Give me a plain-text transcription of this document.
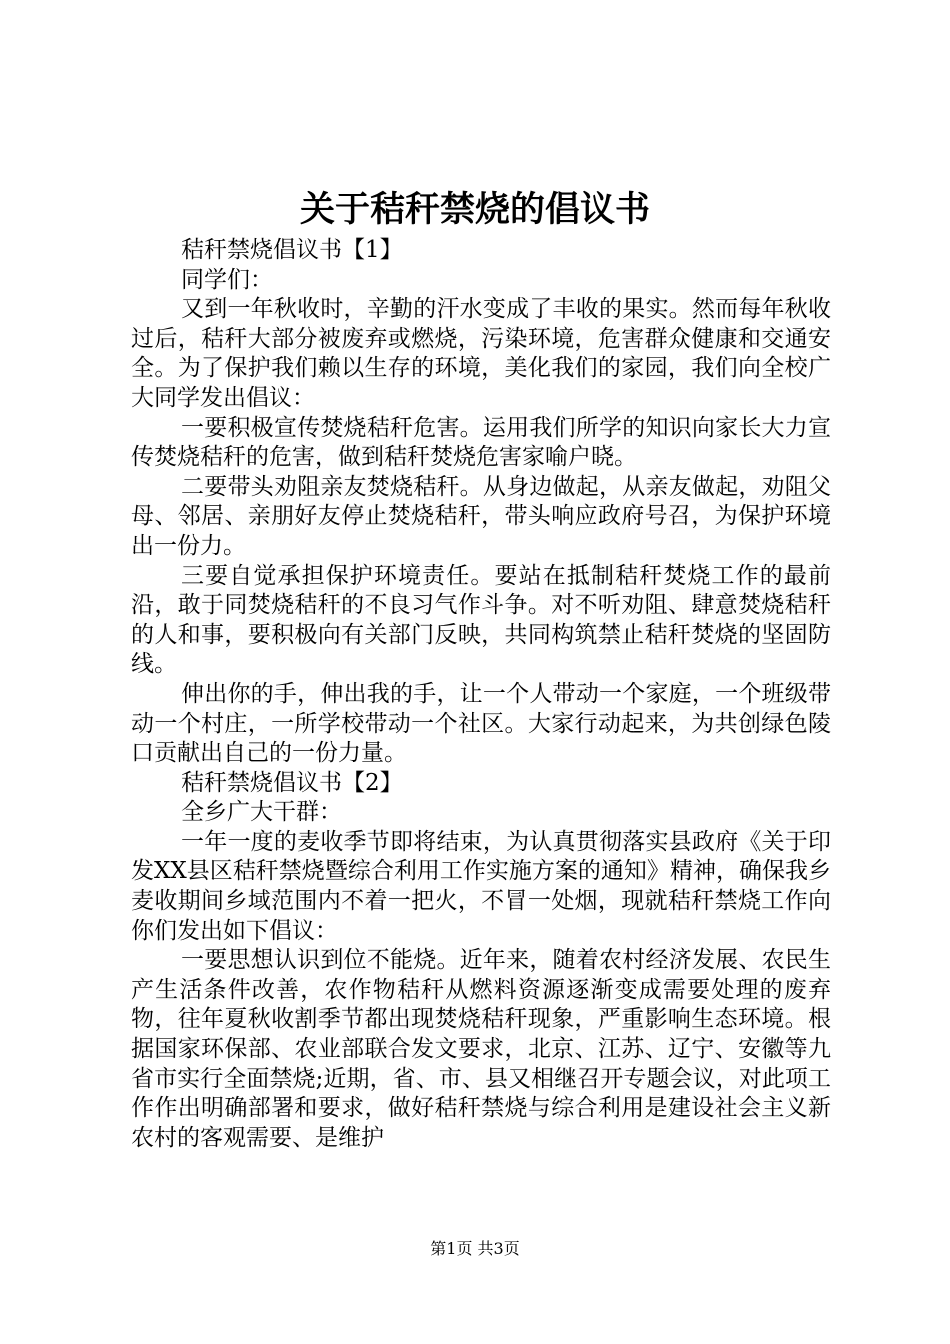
关于秸秆禁烧的倡议书

秸秆禁烧倡议书【1】

同学们：

又到一年秋收时，辛勤的汗水变成了丰收的果实。然而每年秋收过后，秸秆大部分被废弃或燃烧，污染环境，危害群众健康和交通安全。为了保护我们赖以生存的环境，美化我们的家园，我们向全校广大同学发出倡议：

一要积极宣传焚烧秸秆危害。运用我们所学的知识向家长大力宣传焚烧秸秆的危害，做到秸秆焚烧危害家喻户晓。

二要带头劝阻亲友焚烧秸秆。从身边做起，从亲友做起，劝阻父母、邻居、亲朋好友停止焚烧秸秆，带头响应政府号召，为保护环境出一份力。

三要自觉承担保护环境责任。要站在抵制秸秆焚烧工作的最前沿，敢于同焚烧秸秆的不良习气作斗争。对不听劝阻、肆意焚烧秸秆的人和事，要积极向有关部门反映，共同构筑禁止秸秆焚烧的坚固防线。

伸出你的手，伸出我的手，让一个人带动一个家庭，一个班级带动一个村庄，一所学校带动一个社区。大家行动起来，为共创绿色陵口贡献出自己的一份力量。

秸秆禁烧倡议书【2】

全乡广大干群：

一年一度的麦收季节即将结束，为认真贯彻落实县政府《关于印发XX县区秸秆禁烧暨综合利用工作实施方案的通知》精神，确保我乡麦收期间乡域范围内不着一把火，不冒一处烟，现就秸秆禁烧工作向你们发出如下倡议：

一要思想认识到位不能烧。近年来，随着农村经济发展、农民生产生活条件改善，农作物秸秆从燃料资源逐渐变成需要处理的废弃物，往年夏秋收割季节都出现焚烧秸秆现象，严重影响生态环境。根据国家环保部、农业部联合发文要求，北京、江苏、辽宁、安徽等九省市实行全面禁烧;近期，省、市、县又相继召开专题会议，对此项工作作出明确部署和要求，做好秸秆禁烧与综合利用是建设社会主义新农村的客观需要、是维护

第1页 共3页
